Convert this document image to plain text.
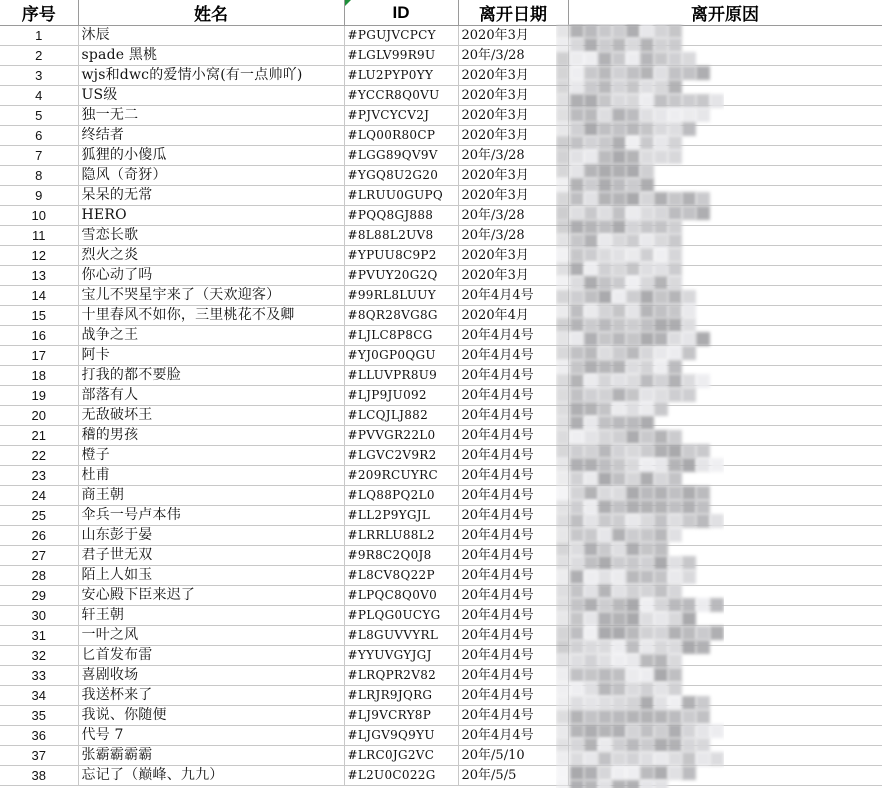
序号	姓名	ID	离开日期	离开原因
1	沐辰	#PGUJVCPCY	2020年3月	
2	spade 黑桃	#LGLV99R9U	20年/3/28	
3	wjs和dwc的爱情小窝(有一点帅吖)	#LU2PYP0YY	2020年3月	
4	US级	#YCCR8Q0VU	2020年3月	
5	独一无二	#PJVCYCV2J	2020年3月	
6	终结者	#LQ00R80CP	2020年3月	
7	狐狸的小傻瓜	#LGG89QV9V	20年/3/28	
8	隐风（奇犽）	#YGQ8U2G20	2020年3月	
9	呆呆的无常	#LRUU0GUPQ	2020年3月	
10	HERO	#PQQ8GJ888	20年/3/28	
11	雪恋长歌	#8L88L2UV8	20年/3/28	
12	烈火之炎	#YPUU8C9P2	2020年3月	
13	你心动了吗	#PVUY20G2Q	2020年3月	
14	宝儿不哭星宇来了（天欢迎客）	#99RL8LUUY	20年4月4号	
15	十里春风不如你，三里桃花不及卿	#8QR28VG8G	2020年4月	
16	战争之王	#LJLC8P8CG	20年4月4号	
17	阿卡	#YJ0GP0QGU	20年4月4号	
18	打我的都不要脸	#LLUVPR8U9	20年4月4号	
19	部落有人	#LJP9JU092	20年4月4号	
20	无敌破坏王	#LCQJLJ882	20年4月4号	
21	稽的男孩	#PVVGR22L0	20年4月4号	
22	橙子	#LGVC2V9R2	20年4月4号	
23	杜甫	#209RCUYRC	20年4月4号	
24	商王朝	#LQ88PQ2L0	20年4月4号	
25	伞兵一号卢本伟	#LL2P9YGJL	20年4月4号	
26	山东彭于晏	#LRRLU88L2	20年4月4号	
27	君子世无双	#9R8C2Q0J8	20年4月4号	
28	陌上人如玉	#L8CV8Q22P	20年4月4号	
29	安心殿下臣来迟了	#LPQC8Q0V0	20年4月4号	
30	轩王朝	#PLQG0UCYG	20年4月4号	
31	一叶之风	#L8GUVVYRL	20年4月4号	
32	匕首发布雷	#YYUVGYJGJ	20年4月4号	
33	喜剧收场	#LRQPR2V82	20年4月4号	
34	我送杯来了	#LRJR9JQRG	20年4月4号	
35	我说、你随便	#LJ9VCRY8P	20年4月4号	
36	代号 7	#LJGV9Q9YU	20年4月4号	
37	张霸霸霸霸	#LRC0JG2VC	20年/5/10	
38	忘记了（巅峰、九九）	#L2U0C022G	20年/5/5	
